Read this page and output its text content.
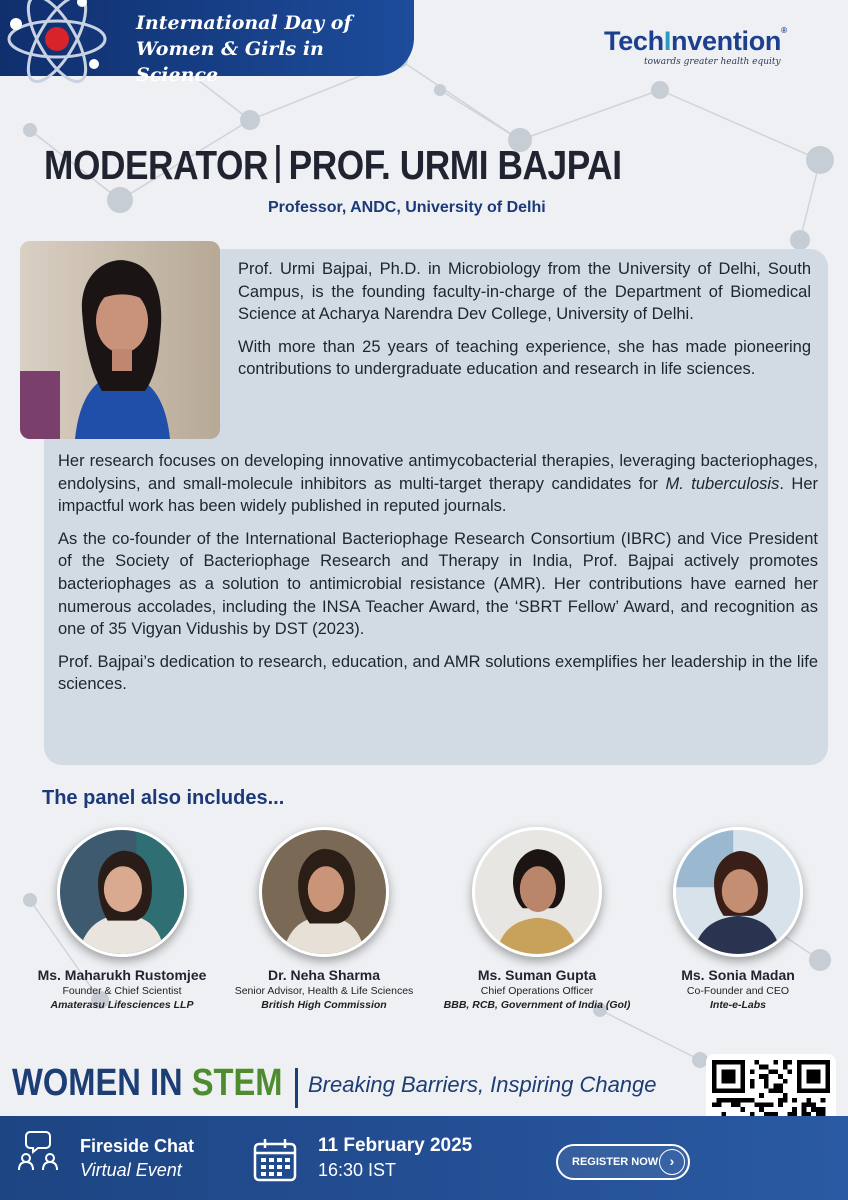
International Day of
Women & Girls in Science
TechInvention®
towards greater health equity
MODERATOR PROF. URMI BAJPAI
Professor, ANDC, University of Delhi

Prof. Urmi Bajpai, Ph.D. in Microbiology from the University of Delhi, South Campus, is the founding faculty-in-charge of the Department of Biomedical Science at Acharya Narendra Dev College, University of Delhi.

With more than 25 years of teaching experience, she has made pioneering contributions to undergraduate education and research in life sciences.

Her research focuses on developing innovative antimycobacterial therapies, leveraging bacteriophages, endolysins, and small-molecule inhibitors as multi-target therapy candidates for M. tuberculosis. Her impactful work has been widely published in reputed journals.

As the co-founder of the International Bacteriophage Research Consortium (IBRC) and Vice President of the Society of Bacteriophage Research and Therapy in India, Prof. Bajpai actively promotes bacteriophages as a solution to antimicrobial resistance (AMR). Her contributions have earned her numerous accolades, including the INSA Teacher Award, the ‘SBRT Fellow’ Award, and recognition as one of 35 Vigyan Vidushis by DST (2023).

Prof. Bajpai’s dedication to research, education, and AMR solutions exemplifies her leadership in the life sciences.

The panel also includes...
Ms. Maharukh Rustomjee
Founder & Chief Scientist
Amaterasu Lifesciences LLP
Dr. Neha Sharma
Senior Advisor, Health & Life Sciences
British High Commission
Ms. Suman Gupta
Chief Operations Officer
BBB, RCB, Government of India (GoI)
Ms. Sonia Madan
Co-Founder and CEO
Inte-e-Labs
WOMEN IN STEM Breaking Barriers, Inspiring Change
Fireside Chat
Virtual Event
11 February 2025
16:30 IST	REGISTER NOW ›
